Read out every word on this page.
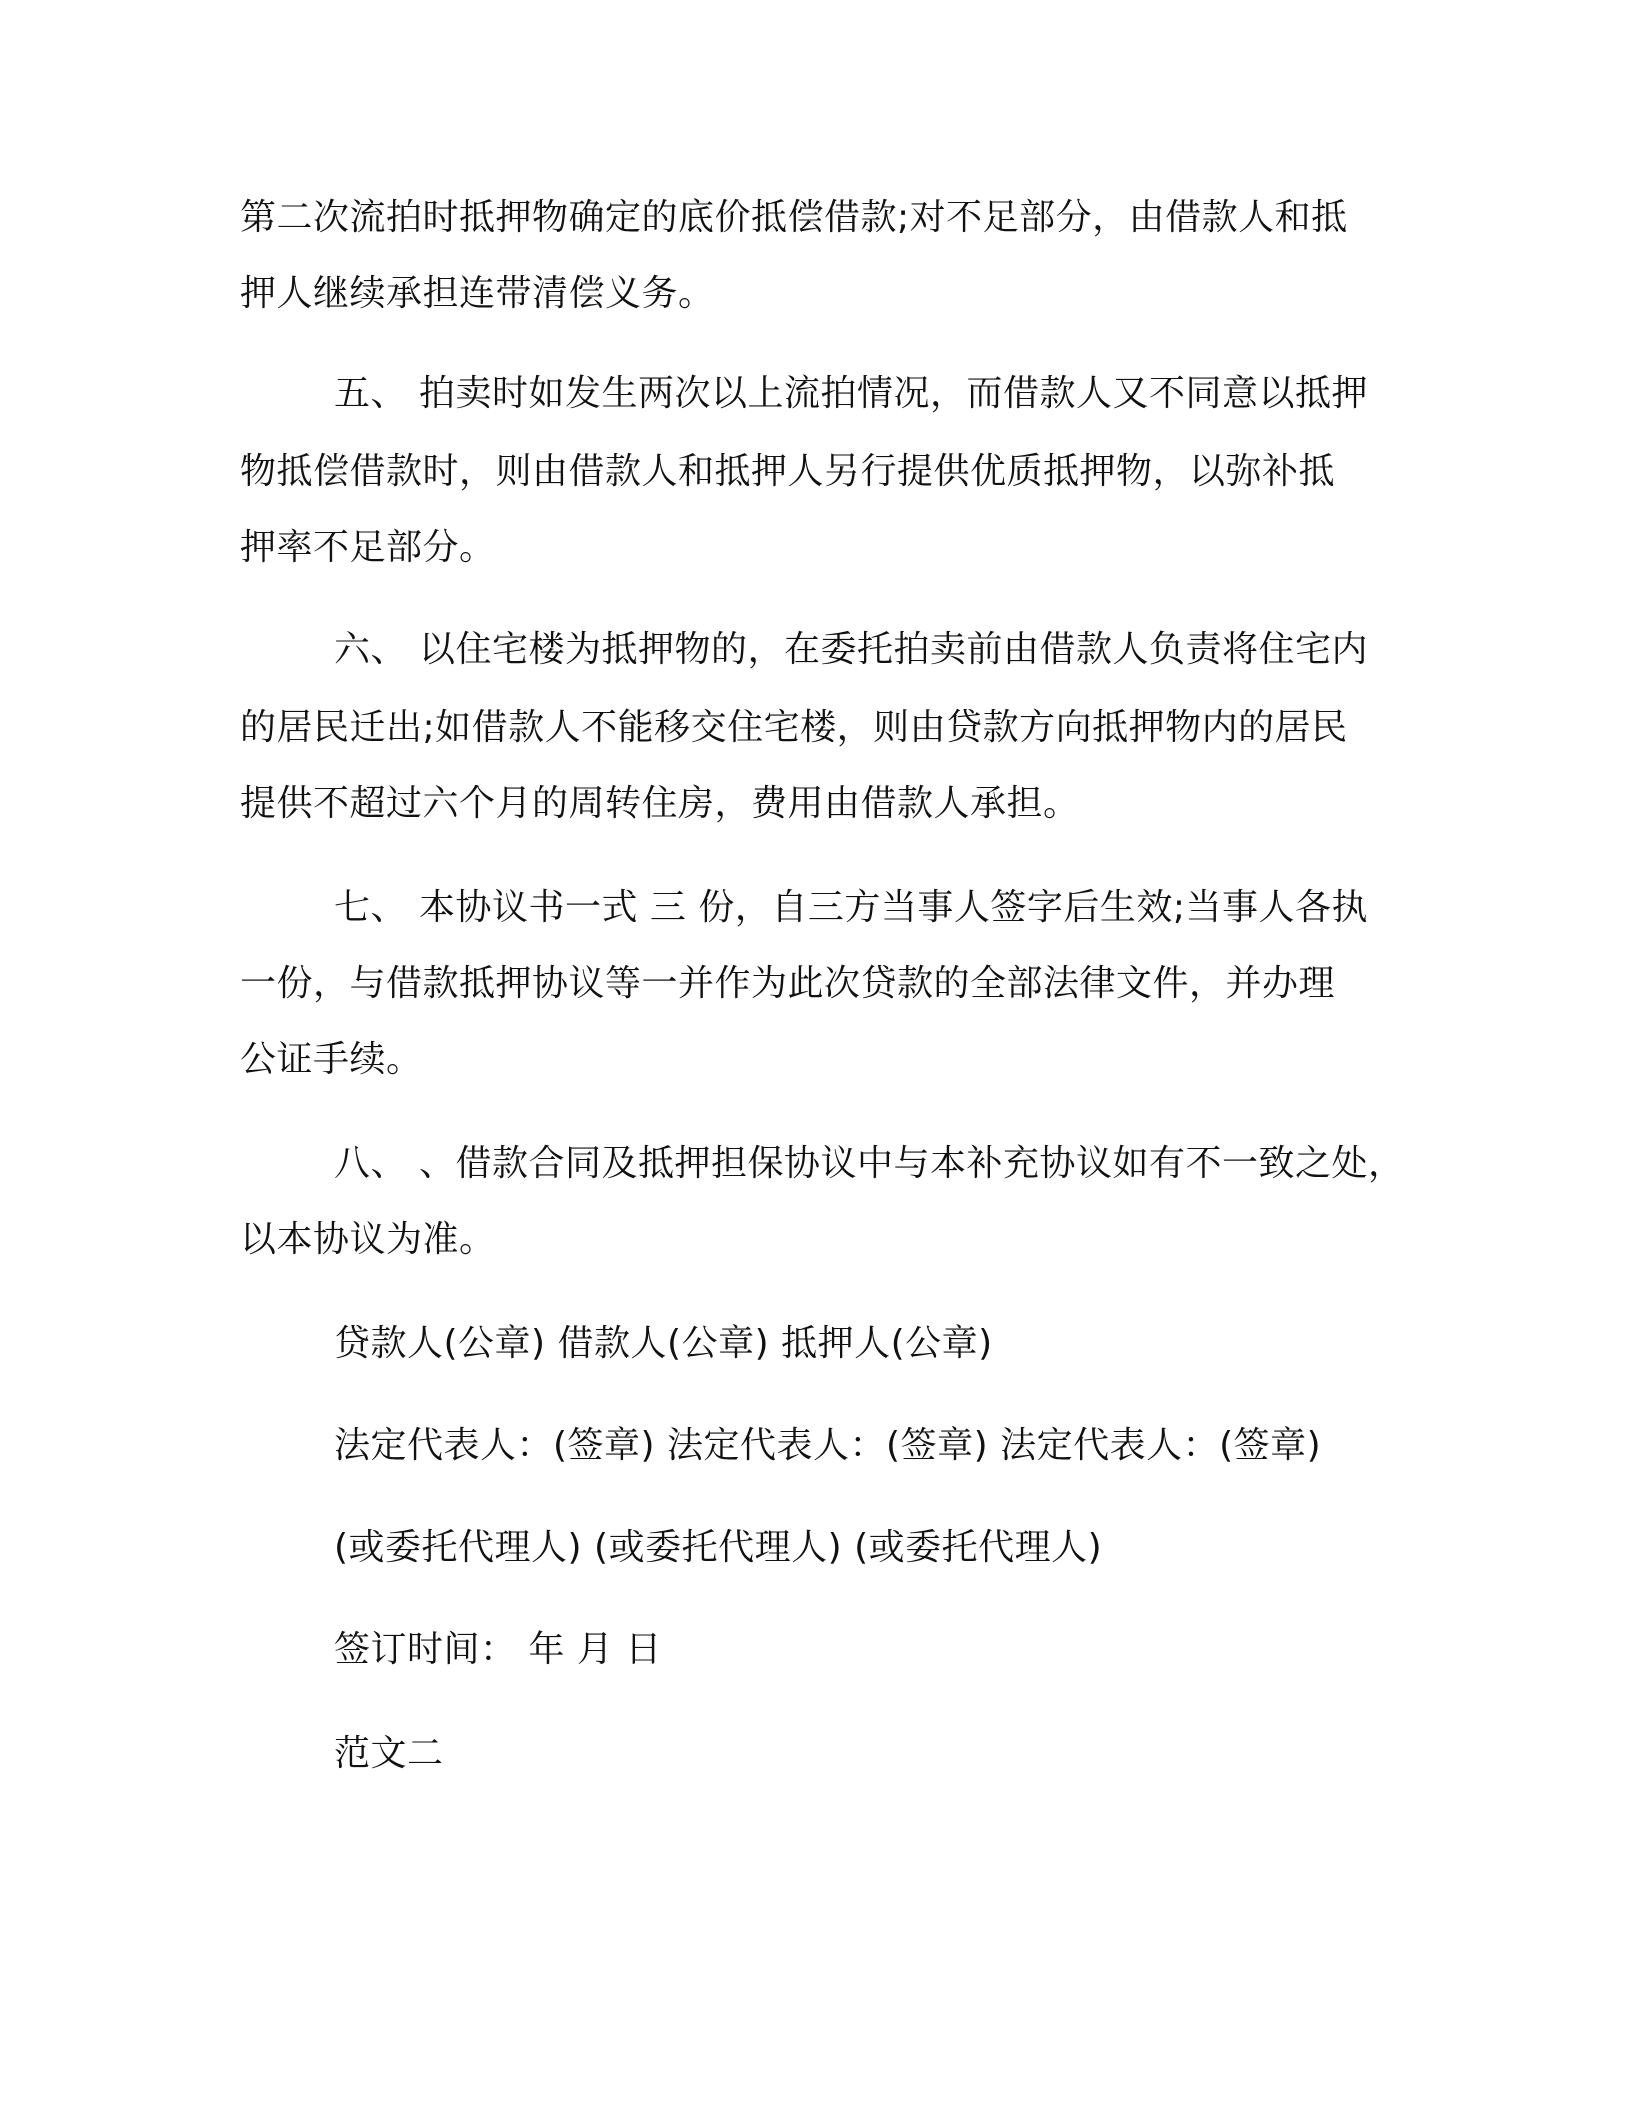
第二次流拍时抵押物确定的底价抵偿借款;对不足部分，由借款人和抵
押人继续承担连带清偿义务。
五、 拍卖时如发生两次以上流拍情况，而借款人又不同意以抵押
物抵偿借款时，则由借款人和抵押人另行提供优质抵押物，以弥补抵
押率不足部分。
六、 以住宅楼为抵押物的，在委托拍卖前由借款人负责将住宅内
的居民迁出;如借款人不能移交住宅楼，则由贷款方向抵押物内的居民
提供不超过六个月的周转住房，费用由借款人承担。
七、 本协议书一式 三 份，自三方当事人签字后生效;当事人各执
一份，与借款抵押协议等一并作为此次贷款的全部法律文件，并办理
公证手续。
八、 、借款合同及抵押担保协议中与本补充协议如有不一致之处，
以本协议为准。
贷款人(公章) 借款人(公章) 抵押人(公章)
法定代表人：(签章) 法定代表人：(签章) 法定代表人：(签章)
(或委托代理人) (或委托代理人) (或委托代理人)
签订时间： 年 月 日
范文二
